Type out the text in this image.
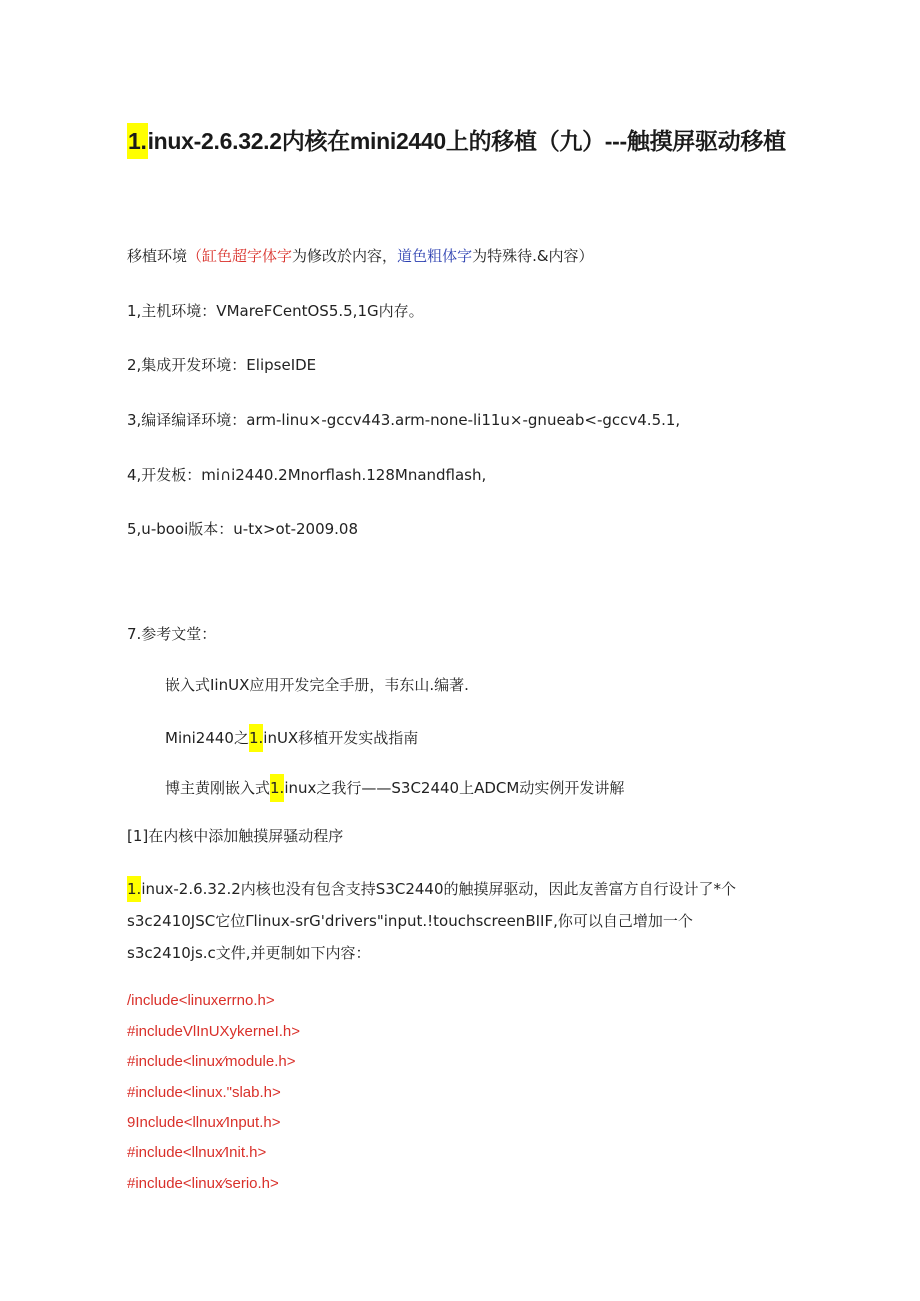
1.inux-2.6.32.2内核在mini2440上的移植（九）---触摸屏驱动移植

移植环境（缸色超字体字为修改於内容，道色粗体字为特殊待.&内容）

1,主机环境：VMareFCentOS5.5,1G内存。

2,集成开发环境：ElipseIDE

3,编译编译环境：arm-linu×-gccv443.arm-none-li11u×-gnueab<-gccv4.5.1,

4,开发板：mi∩i2440.2Mnorflash.128Mnandflash,

5,u-booi版本：u-tx>ot-2009.08

7.参考文堂：

嵌入式IinUX应用开发完全手册，韦东山.编著.

Mini2440之1.inUX移植开发实战指南

博主黄刚嵌入式1.inux之我行——S3C2440上ADCM动实例开发讲解

[1]在内核中添加触摸屏骚动程序

1.inux-2.6.32.2内核也没有包含支持S3C2440的触摸屏驱动，因此友善富方自行设计了*个s3c2410JSC它位Γlinux-srG'drivers"input.!touchscreenBIIF,你可以自己增加一个s3c2410js.c文件,并更制如下内容：

/include<linuxerrno.h>

#includeVlInUXykerneI.h>

#include<linux⁄module.h>

#include<linux."slab.h>

9Include<llnux⁄Input.h>

#include<llnux⁄Init.h>

#include<linux⁄serio.h>
